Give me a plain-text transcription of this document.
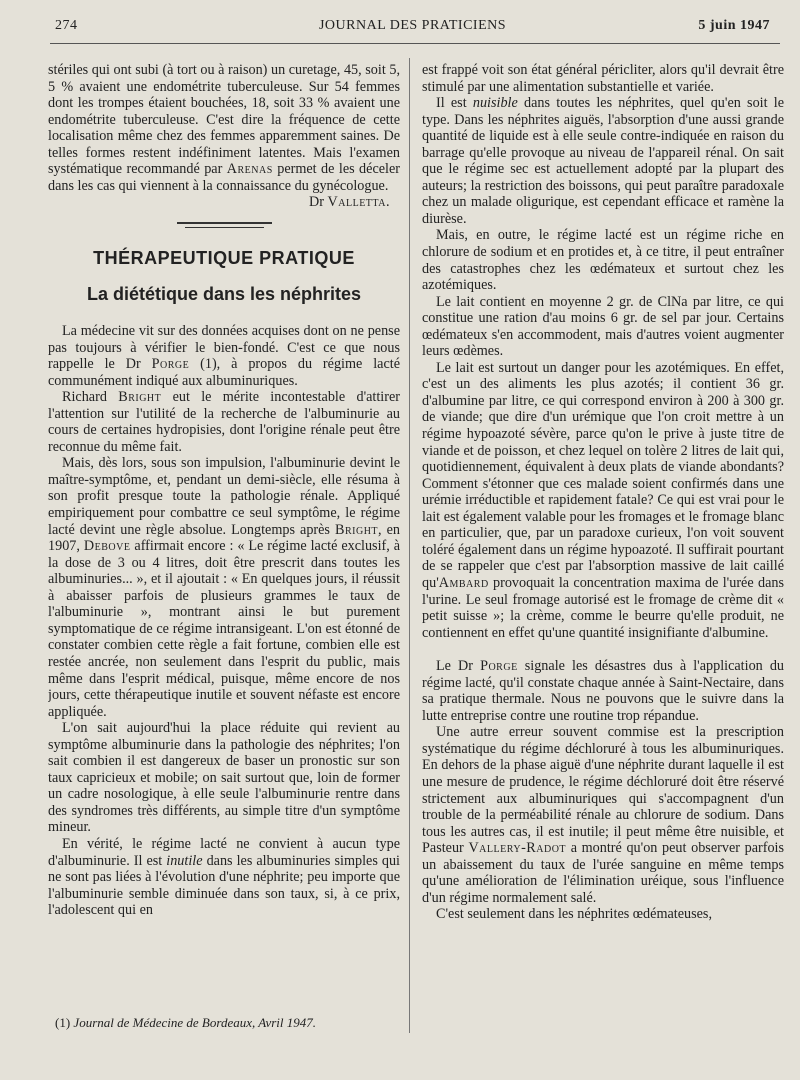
274	JOURNAL DES PRATICIENS	5 juin 1947

stériles qui ont subi (à tort ou à raison) un curetage, 45, soit 5, 5 % avaient une endométrite tuberculeuse. Sur 54 femmes dont les trompes étaient bouchées, 18, soit 33 % avaient une endométrite tuberculeuse. C'est dire la fréquence de cette localisation même chez des femmes apparemment saines. De telles formes restent indéfiniment latentes. Mais l'examen systématique recommandé par Arenas permet de les déceler dans les cas qui viennent à la connaissance du gynécologue.

Dr Valletta.

THÉRAPEUTIQUE PRATIQUE
La diététique dans les néphrites

La médecine vit sur des données acquises dont on ne pense pas toujours à vérifier le bien-fondé. C'est ce que nous rappelle le Dr Porge (1), à propos du régime lacté communément indiqué aux albuminuriques.

Richard Bright eut le mérite incontestable d'attirer l'attention sur l'utilité de la recherche de l'albuminurie au cours de certaines hydropisies, dont l'origine rénale peut être reconnue du même fait.

Mais, dès lors, sous son impulsion, l'albuminurie devint le maître-symptôme, et, pendant un demi-siècle, elle résuma à son profit presque toute la pathologie rénale. Appliqué empiriquement pour combattre ce seul symptôme, le régime lacté devint une règle absolue. Longtemps après Bright, en 1907, Debove affirmait encore : « Le régime lacté exclusif, à la dose de 3 ou 4 litres, doit être prescrit dans toutes les albuminuries... », et il ajoutait : « En quelques jours, il réussit à abaisser parfois de plusieurs grammes le taux de l'albuminurie », montrant ainsi le but purement symptomatique de ce régime intransigeant. L'on est étonné de constater combien cette règle a fait fortune, combien elle est restée ancrée, non seulement dans l'esprit du public, mais même dans l'esprit médical, puisque, même encore de nos jours, cette thérapeutique inutile et souvent néfaste est encore appliquée.

L'on sait aujourd'hui la place réduite qui revient au symptôme albuminurie dans la pathologie des néphrites; l'on sait combien il est dangereux de baser un pronostic sur son taux capricieux et mobile; on sait surtout que, loin de former un cadre nosologique, à elle seule l'albuminurie rentre dans des syndromes très différents, au simple titre d'un symptôme mineur.

En vérité, le régime lacté ne convient à aucun type d'albuminurie. Il est inutile dans les albuminuries simples qui ne sont pas liées à l'évolution d'une néphrite; peu importe que l'albuminurie semble diminuée dans son taux, si, à ce prix, l'adolescent qui en

est frappé voit son état général péricliter, alors qu'il devrait être stimulé par une alimentation substantielle et variée.

Il est nuisible dans toutes les néphrites, quel qu'en soit le type. Dans les néphrites aiguës, l'absorption d'une aussi grande quantité de liquide est à elle seule contre-indiquée en raison du barrage qu'elle provoque au niveau de l'appareil rénal. On sait que le régime sec est actuellement adopté par la plupart des auteurs; la restriction des boissons, qui peut paraître paradoxale chez un malade oligurique, est cependant efficace et ramène la diurèse.

Mais, en outre, le régime lacté est un régime riche en chlorure de sodium et en protides et, à ce titre, il peut entraîner des catastrophes chez les œdémateux et surtout chez les azotémiques.

Le lait contient en moyenne 2 gr. de ClNa par litre, ce qui constitue une ration d'au moins 6 gr. de sel par jour. Certains œdémateux s'en accommodent, mais d'autres voient augmenter leurs œdèmes.

Le lait est surtout un danger pour les azotémiques. En effet, c'est un des aliments les plus azotés; il contient 36 gr. d'albumine par litre, ce qui correspond environ à 200 à 300 gr. de viande; que dire d'un urémique que l'on croit mettre à un régime hypoazoté sévère, parce qu'on le prive à juste titre de viande et de poisson, et chez lequel on tolère 2 litres de lait qui, quotidiennement, équivalent à deux plats de viande abondants? Comment s'étonner que ces malade soient confirmés dans une urémie irréductible et rapidement fatale? Ce qui est vrai pour le lait est également valable pour les fromages et le fromage blanc en particulier, que, par un paradoxe curieux, l'on voit souvent toléré également dans un régime hypoazoté. Il suffirait pourtant de se rappeler que c'est par l'absorption massive de lait caillé qu'Ambard provoquait la concentration maxima de l'urée dans l'urine. Le seul fromage autorisé est le fromage de crème dit « petit suisse »; la crème, comme le beurre qu'elle produit, ne contiennent en effet qu'une quantité insignifiante d'albumine.

Le Dr Porge signale les désastres dus à l'application du régime lacté, qu'il constate chaque année à Saint-Nectaire, dans sa pratique thermale. Nous ne pouvons que le suivre dans la lutte entreprise contre une routine trop répandue.

Une autre erreur souvent commise est la prescription systématique du régime déchloruré à tous les albuminuriques. En dehors de la phase aiguë d'une néphrite durant laquelle il est une mesure de prudence, le régime déchloruré doit être réservé strictement aux albuminuriques qui s'accompagnent d'un trouble de la perméabilité rénale au chlorure de sodium. Dans tous les autres cas, il est inutile; il peut même être nuisible, et Pasteur Vallery-Radot a montré qu'on peut observer parfois un abaissement du taux de l'urée sanguine en même temps qu'une amélioration de l'élimination uréique, sous l'influence d'un régime normalement salé.

C'est seulement dans les néphrites œdémateuses,

(1) Journal de Médecine de Bordeaux, Avril 1947.
